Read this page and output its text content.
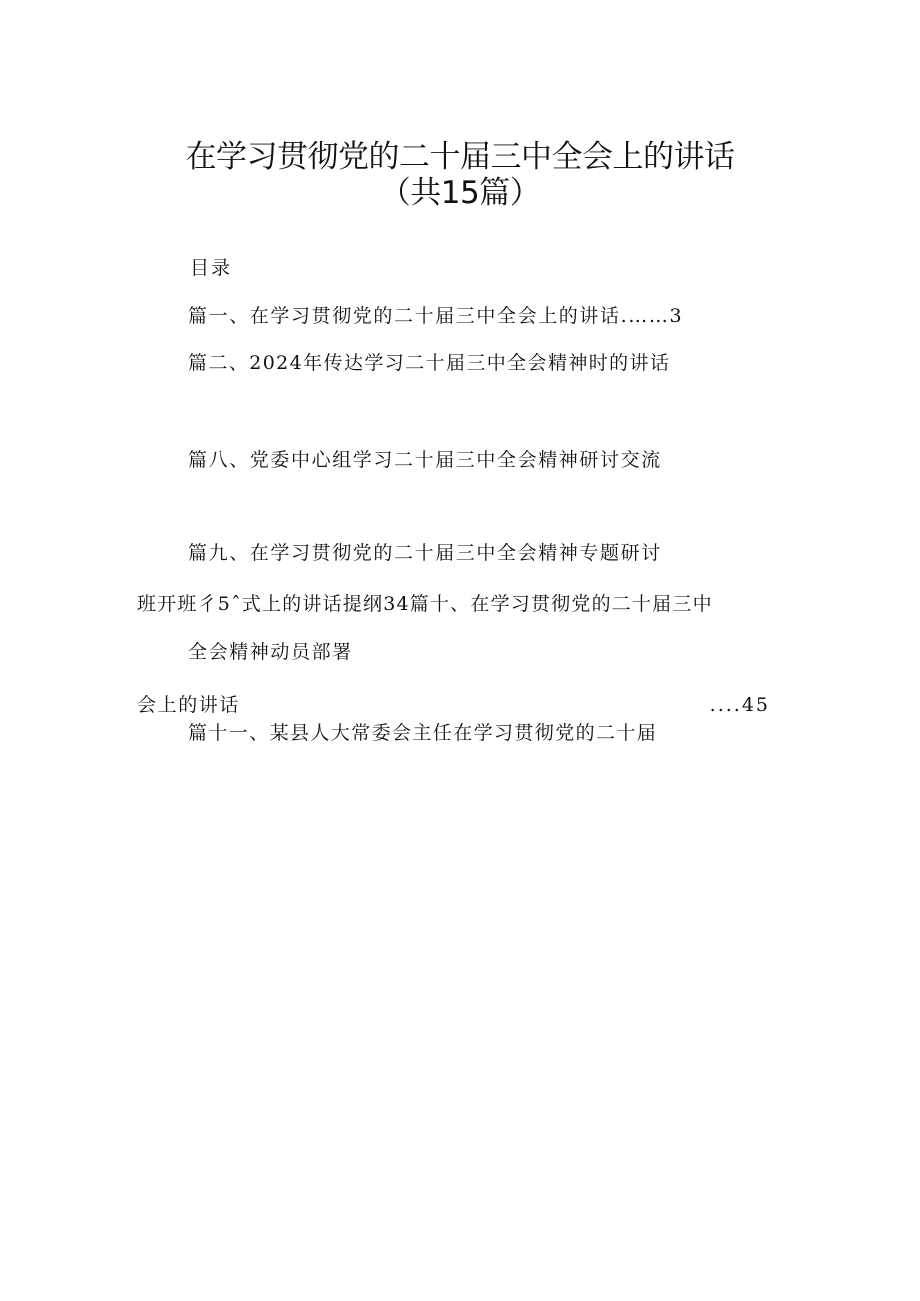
在学习贯彻党的二十届三中全会上的讲话
（共15篇）
目录
篇一、在学习贯彻党的二十届三中全会上的讲话.……3
篇二、2024年传达学习二十届三中全会精神时的讲话
篇八、党委中心组学习二十届三中全会精神研讨交流
篇九、在学习贯彻党的二十届三中全会精神专题研讨
班开班彳5ˆ式上的讲话提纲34篇十、在学习贯彻党的二十届三中
全会精神动员部署
会上的讲话	....45
篇十一、某县人大常委会主任在学习贯彻党的二十届
